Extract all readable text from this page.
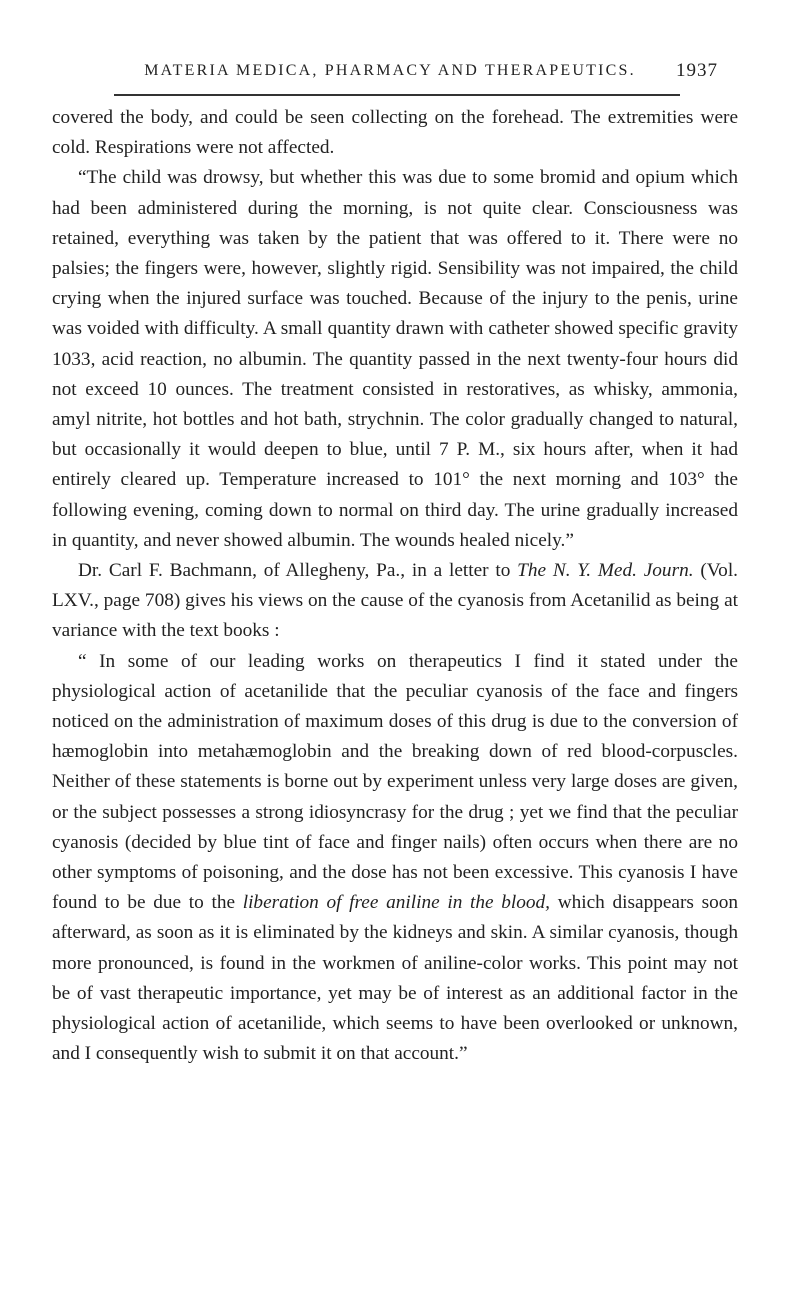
MATERIA MEDICA, PHARMACY AND THERAPEUTICS.	1937

covered the body, and could be seen collecting on the forehead. The extremities were cold. Respirations were not affected.

“The child was drowsy, but whether this was due to some bromid and opium which had been administered during the morning, is not quite clear. Consciousness was retained, everything was taken by the patient that was offered to it. There were no palsies; the fingers were, however, slightly rigid. Sensibility was not impaired, the child crying when the injured surface was touched. Because of the injury to the penis, urine was voided with difficulty. A small quantity drawn with catheter showed specific gravity 1033, acid reaction, no albumin. The quantity passed in the next twenty-four hours did not exceed 10 ounces. The treatment consisted in restoratives, as whisky, ammonia, amyl nitrite, hot bottles and hot bath, strychnin. The color gradually changed to natural, but occasionally it would deepen to blue, until 7 P. M., six hours after, when it had entirely cleared up. Temperature increased to 101° the next morning and 103° the following evening, coming down to normal on third day. The urine gradually increased in quantity, and never showed albumin. The wounds healed nicely.”

Dr. Carl F. Bachmann, of Allegheny, Pa., in a letter to The N. Y. Med. Journ. (Vol. LXV., page 708) gives his views on the cause of the cyanosis from Acetanilid as being at variance with the text books :

“ In some of our leading works on therapeutics I find it stated under the physiological action of acetanilide that the peculiar cyanosis of the face and fingers noticed on the administration of maximum doses of this drug is due to the conversion of hæmoglobin into metahæmoglobin and the breaking down of red blood-corpuscles. Neither of these statements is borne out by experiment unless very large doses are given, or the subject possesses a strong idiosyncrasy for the drug ; yet we find that the peculiar cyanosis (decided by blue tint of face and finger nails) often occurs when there are no other symptoms of poisoning, and the dose has not been excessive. This cyanosis I have found to be due to the liberation of free aniline in the blood, which disappears soon afterward, as soon as it is eliminated by the kidneys and skin. A similar cyanosis, though more pronounced, is found in the workmen of aniline-color works. This point may not be of vast therapeutic importance, yet may be of interest as an additional factor in the physiological action of acetanilide, which seems to have been overlooked or unknown, and I consequently wish to submit it on that account.”
